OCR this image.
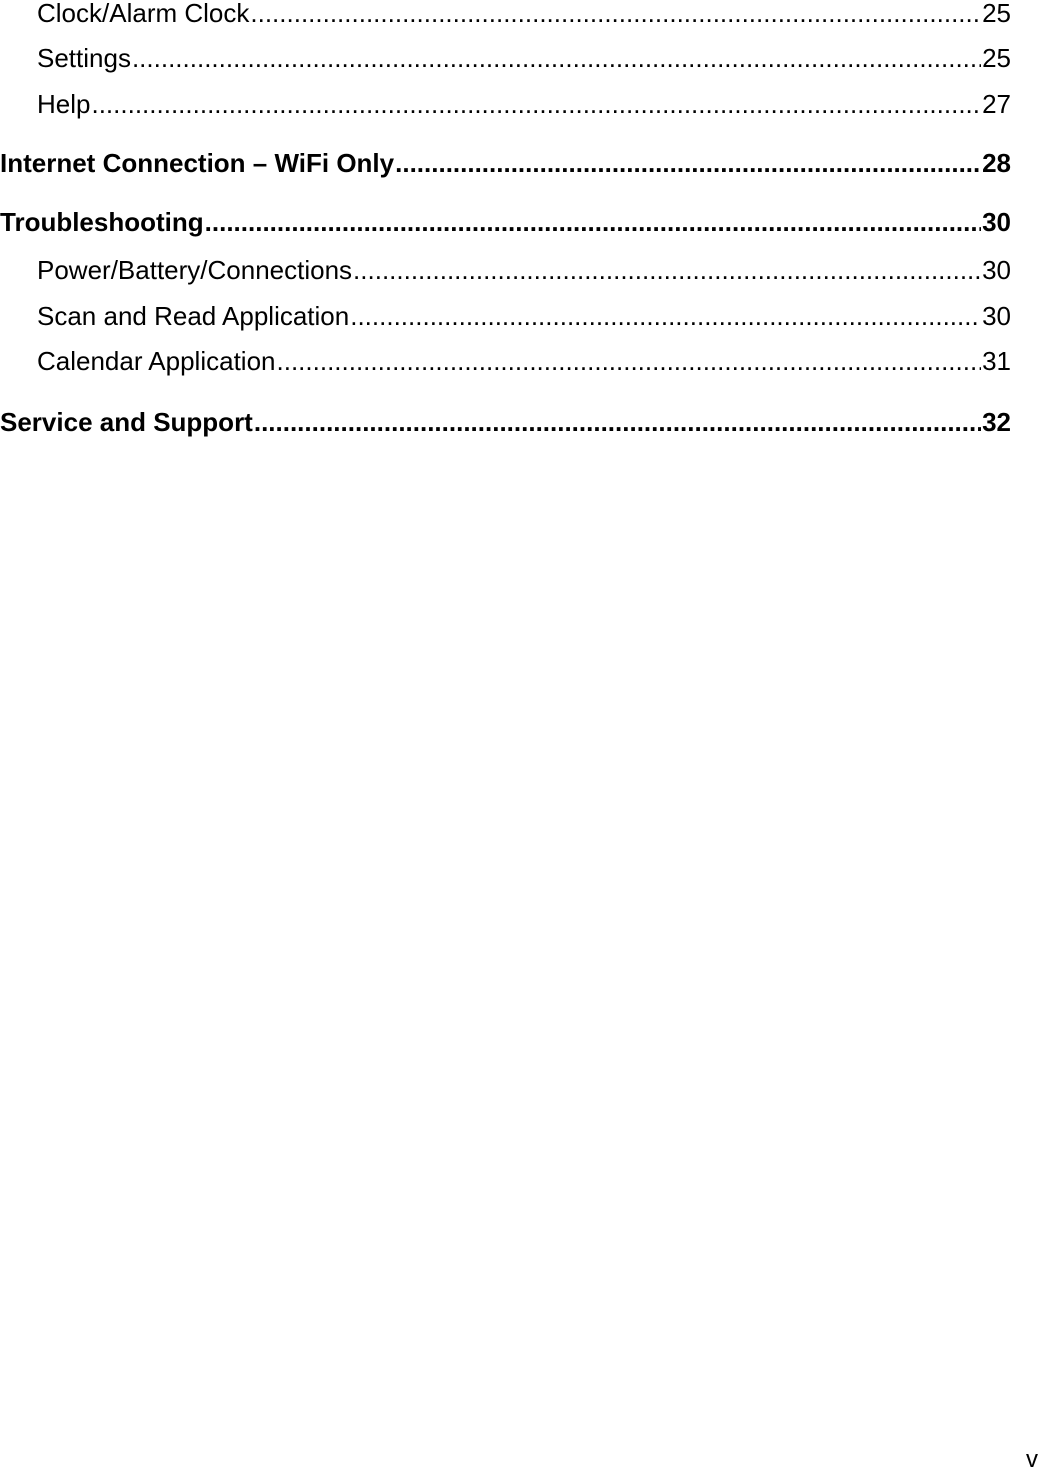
Clock/Alarm Clock .....	25
Settings .....	25
Help .....	27
Internet Connection – WiFi Only .....	28
Troubleshooting .....	30
Power/Battery/Connections .....	30
Scan and Read Application .....	30
Calendar Application .....	31
Service and Support .....	32
v
